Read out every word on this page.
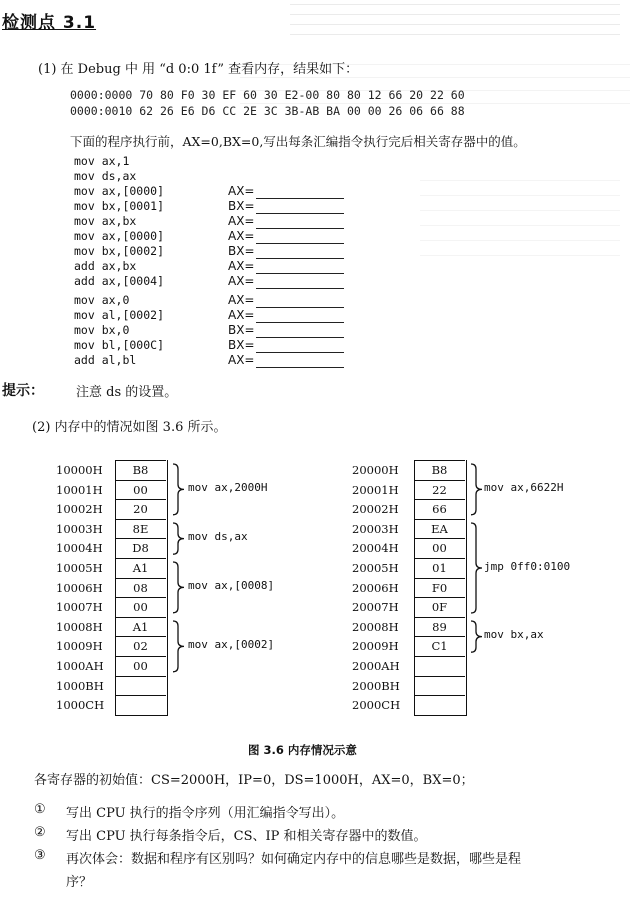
检测点 3.1
(1) 在 Debug 中 用 “d 0:0 1f” 查看内存，结果如下：
0000:0000 70 80 F0 30 EF 60 30 E2-00 80 80 12 66 20 22 60
0000:0010 62 26 E6 D6 CC 2E 3C 3B-AB BA 00 00 26 06 66 88
下面的程序执行前，AX=0,BX=0,写出每条汇编指令执行完后相关寄存器中的值。
mov ax,1
mov ds,ax
mov ax,[0000]	AX=
mov bx,[0001]	BX=
mov ax,bx	AX=
mov ax,[0000]	AX=
mov bx,[0002]	BX=
add ax,bx	AX=
add ax,[0004]	AX=
mov ax,0	AX=
mov al,[0002]	AX=
mov bx,0	BX=
mov bl,[000C]	BX=
add al,bl	AX=
提示： 注意 ds 的设置。
(2) 内存中的情况如图 3.6 所示。
10000H	B8
10001H	00
10002H	20
10003H	8E
10004H	D8
10005H	A1
10006H	08
10007H	00
10008H	A1
10009H	02
1000AH	00
1000BH
1000CH
mov ax,2000H
mov ds,ax
mov ax,[0008]
mov ax,[0002]
20000H	B8
20001H	22
20002H	66
20003H	EA
20004H	00
20005H	01
20006H	F0
20007H	0F
20008H	89
20009H	C1
2000AH
2000BH
2000CH
mov ax,6622H
jmp 0ff0:0100
mov bx,ax
图 3.6 内存情况示意
各寄存器的初始值：CS=2000H，IP=0，DS=1000H，AX=0，BX=0；
① 写出 CPU 执行的指令序列（用汇编指令写出）。
② 写出 CPU 执行每条指令后，CS、IP 和相关寄存器中的数值。
③ 再次体会：数据和程序有区别吗？如何确定内存中的信息哪些是数据，哪些是程
序？
